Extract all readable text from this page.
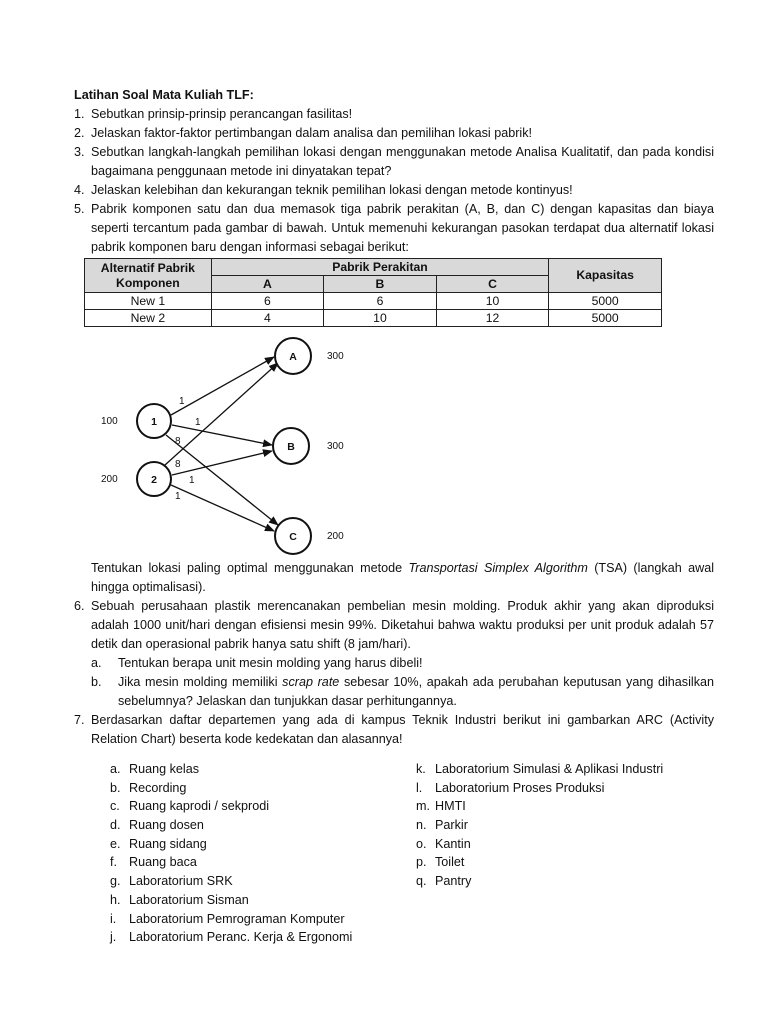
Latihan Soal Mata Kuliah TLF:
1. Sebutkan prinsip-prinsip perancangan fasilitas!
2. Jelaskan faktor-faktor pertimbangan dalam analisa dan pemilihan lokasi pabrik!
3. Sebutkan langkah-langkah pemilihan lokasi dengan menggunakan metode Analisa Kualitatif, dan pada kondisi bagaimana penggunaan metode ini dinyatakan tepat?
4. Jelaskan kelebihan dan kekurangan teknik pemilihan lokasi dengan metode kontinyus!
5. Pabrik komponen satu dan dua memasok tiga pabrik perakitan (A, B, dan C) dengan kapasitas dan biaya seperti tercantum pada gambar di bawah. Untuk memenuhi kekurangan pasokan terdapat dua alternatif lokasi pabrik komponen baru dengan informasi sebagai berikut:
Alternatif Pabrik Komponen	Pabrik Perakitan			Kapasitas
	A	B	C	
New 1	6	6	10	5000
New 2	4	10	12	5000
1
2
A
B
C
100
200
300
300
200
1
1
8
8
1
1
Tentukan lokasi paling optimal menggunakan metode Transportasi Simplex Algorithm (TSA) (langkah awal hingga optimalisasi).
6. Sebuah perusahaan plastik merencanakan pembelian mesin molding. Produk akhir yang akan diproduksi adalah 1000 unit/hari dengan efisiensi mesin 99%. Diketahui bahwa waktu produksi per unit produk adalah 57 detik dan operasional pabrik hanya satu shift (8 jam/hari).
a.	Tentukan berapa unit mesin molding yang harus dibeli!
b.	Jika mesin molding memiliki scrap rate sebesar 10%, apakah ada perubahan keputusan yang dihasilkan sebelumnya? Jelaskan dan tunjukkan dasar perhitungannya.
7. Berdasarkan daftar departemen yang ada di kampus Teknik Industri berikut ini gambarkan ARC (Activity Relation Chart) beserta kode kedekatan dan alasannya!
a. Ruang kelas
b. Recording
c. Ruang kaprodi / sekprodi
d. Ruang dosen
e. Ruang sidang
f. Ruang baca
g. Laboratorium SRK
h. Laboratorium Sisman
i.	Laboratorium Pemrograman Komputer
j.	Laboratorium Peranc. Kerja & Ergonomi
k. Laboratorium Simulasi & Aplikasi Industri
l.	Laboratorium Proses Produksi
m. HMTI
n. Parkir
o. Kantin
p. Toilet
q. Pantry
